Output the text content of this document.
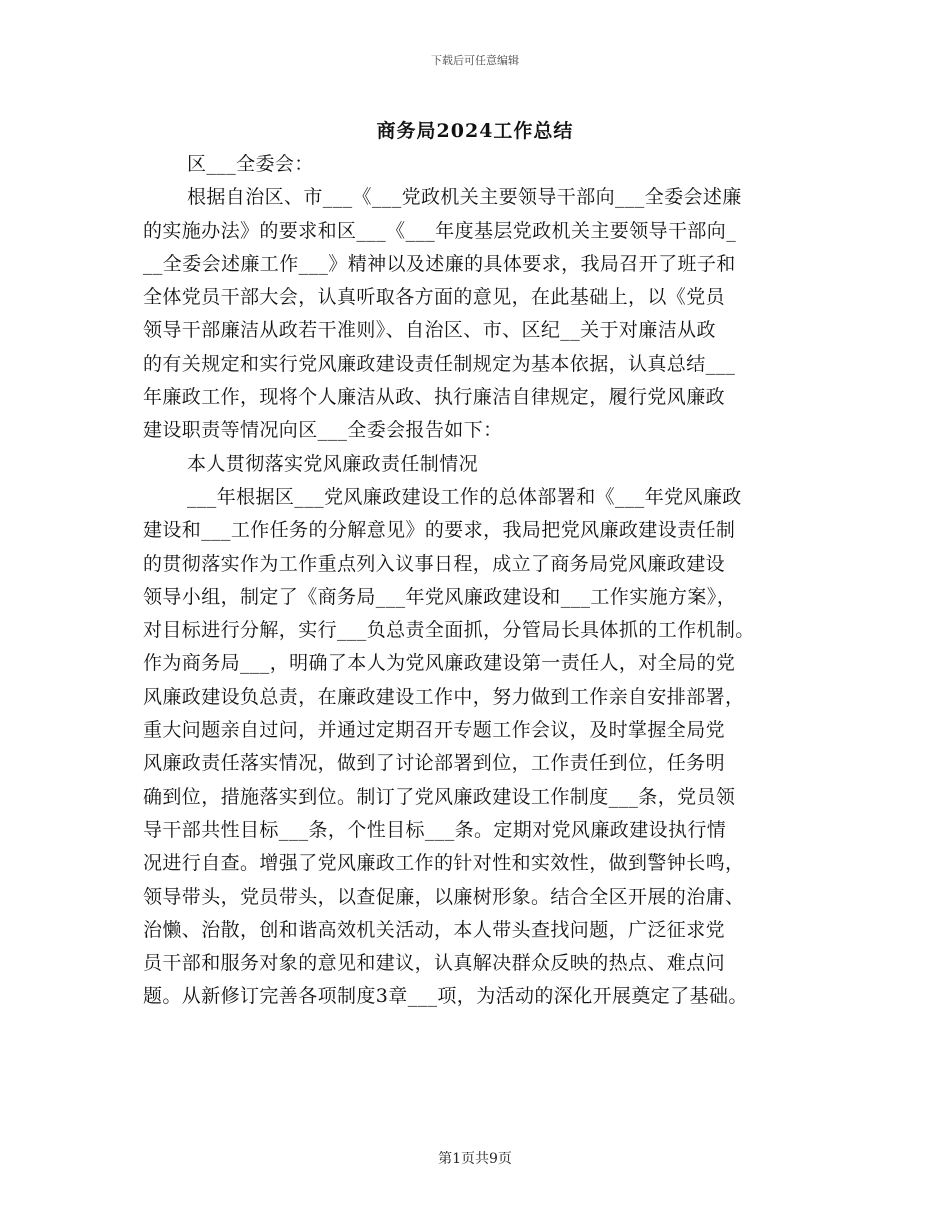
下载后可任意编辑
商务局2024工作总结
区___全委会：
根据自治区、市___《___党政机关主要领导干部向___全委会述廉
的实施办法》的要求和区___《___年度基层党政机关主要领导干部向_
__全委会述廉工作___》精神以及述廉的具体要求，我局召开了班子和
全体党员干部大会，认真听取各方面的意见，在此基础上，以《党员
领导干部廉洁从政若干准则》、自治区、市、区纪__关于对廉洁从政
的有关规定和实行党风廉政建设责任制规定为基本依据，认真总结___
年廉政工作，现将个人廉洁从政、执行廉洁自律规定，履行党风廉政
建设职责等情况向区___全委会报告如下：
本人贯彻落实党风廉政责任制情况
___年根据区___党风廉政建设工作的总体部署和《___年党风廉政
建设和___工作任务的分解意见》的要求，我局把党风廉政建设责任制
的贯彻落实作为工作重点列入议事日程，成立了商务局党风廉政建设
领导小组，制定了《商务局___年党风廉政建设和___工作实施方案》，
对目标进行分解，实行___负总责全面抓，分管局长具体抓的工作机制。
作为商务局___，明确了本人为党风廉政建设第一责任人，对全局的党
风廉政建设负总责，在廉政建设工作中，努力做到工作亲自安排部署，
重大问题亲自过问，并通过定期召开专题工作会议，及时掌握全局党
风廉政责任落实情况，做到了讨论部署到位，工作责任到位，任务明
确到位，措施落实到位。制订了党风廉政建设工作制度___条，党员领
导干部共性目标___条，个性目标___条。定期对党风廉政建设执行情
况进行自查。增强了党风廉政工作的针对性和实效性，做到警钟长鸣，
领导带头，党员带头，以查促廉，以廉树形象。结合全区开展的治庸、
治懒、治散，创和谐高效机关活动，本人带头查找问题，广泛征求党
员干部和服务对象的意见和建议，认真解决群众反映的热点、难点问
题。从新修订完善各项制度3章___项，为活动的深化开展奠定了基础。
第1页共9页
